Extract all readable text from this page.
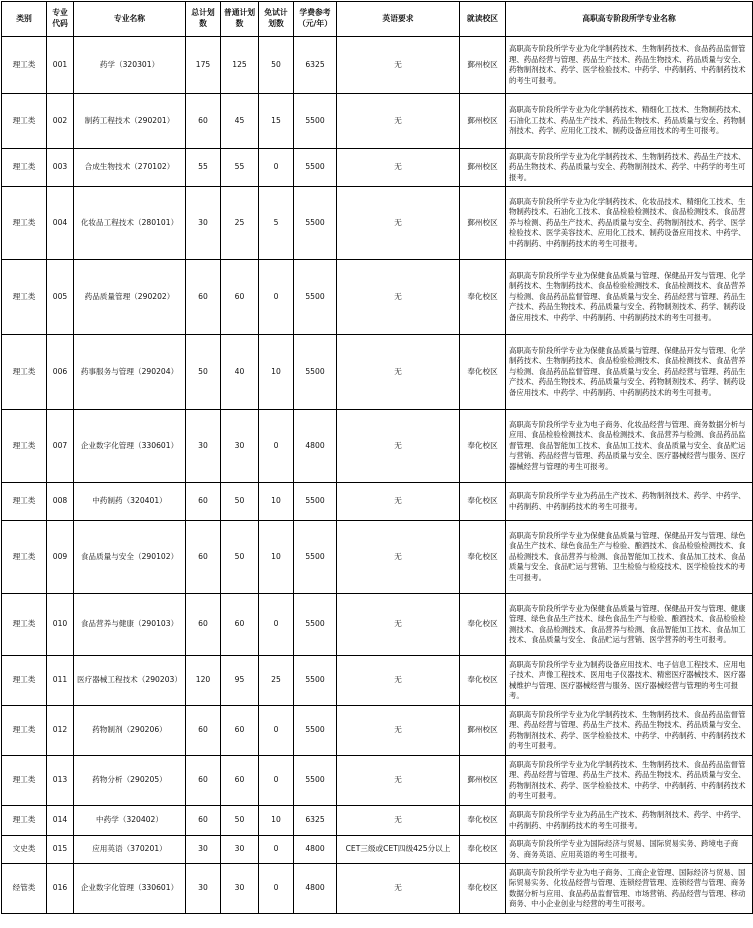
类别	专业代码	专业名称	总计划数	普通计划数	免试计划数	学费参考（元/年）	英语要求	就读校区	高职高专阶段所学专业名称
理工类	001	药学（320301）	175	125	50	6325	无	鄞州校区	高职高专阶段所学专业为化学制药技术、生物制药技术、食品药品监督管理、药品经营与管理、药品生产技术、药品生物技术、药品质量与安全、药物制剂技术、药学、医学检验技术、中药学、中药制药、中药制药技术的考生可报考。
理工类	002	制药工程技术（290201）	60	45	15	5500	无	鄞州校区	高职高专阶段所学专业为化学制药技术、精细化工技术、生物制药技术、石油化工技术、药品生产技术、药品生物技术、药品质量与安全、药物制剂技术、药学、应用化工技术、制药设备应用技术的考生可报考。
理工类	003	合成生物技术（270102）	55	55	0	5500	无	鄞州校区	高职高专阶段所学专业为化学制药技术、生物制药技术、药品生产技术、药品生物技术、药品质量与安全、药物制剂技术、药学、中药学的考生可报考。
理工类	004	化妆品工程技术（280101）	30	25	5	5500	无	鄞州校区	高职高专阶段所学专业为化学制药技术、化妆品技术、精细化工技术、生物制药技术、石油化工技术、食品检验检测技术、食品检测技术、食品营养与检测、药品生产技术、药品质量与安全、药物制剂技术、药学、医学检验技术、医学美容技术、应用化工技术、制药设备应用技术、中药学、中药制药、中药制药技术的考生可报考。
理工类	005	药品质量管理（290202）	60	60	0	5500	无	奉化校区	高职高专阶段所学专业为保健食品质量与管理、保健品开发与管理、化学制药技术、生物制药技术、食品检验检测技术、食品检测技术、食品营养与检测、食品药品监督管理、食品质量与安全、药品经营与管理、药品生产技术、药品生物技术、药品质量与安全、药物制剂技术、药学、制药设备应用技术、中药学、中药制药、中药制药技术的考生可报考。
理工类	006	药事服务与管理（290204）	50	40	10	5500	无	奉化校区	高职高专阶段所学专业为保健食品质量与管理、保健品开发与管理、化学制药技术、生物制药技术、食品检验检测技术、食品检测技术、食品营养与检测、食品药品监督管理、食品质量与安全、药品经营与管理、药品生产技术、药品生物技术、药品质量与安全、药物制剂技术、药学、制药设备应用技术、中药学、中药制药、中药制药技术的考生可报考。
理工类	007	企业数字化管理（330601）	30	30	0	4800	无	奉化校区	高职高专阶段所学专业为电子商务、化妆品经营与管理、商务数据分析与应用、食品检验检测技术、食品检测技术、食品营养与检测、食品药品监督管理、食品智能加工技术、食品加工技术、食品质量与安全、食品贮运与营销、药品经营与管理、药品质量与安全、医疗器械经营与服务、医疗器械经营与管理的考生可报考。
理工类	008	中药制药（320401）	60	50	10	5500	无	奉化校区	高职高专阶段所学专业为药品生产技术、药物制剂技术、药学、中药学、中药制药、中药制药技术的考生可报考。
理工类	009	食品质量与安全（290102）	60	50	10	5500	无	奉化校区	高职高专阶段所学专业为保健食品质量与管理、保健品开发与管理、绿色食品生产技术、绿色食品生产与检验、酿酒技术、食品检验检测技术、食品检测技术、食品营养与检测、食品智能加工技术、食品加工技术、食品质量与安全、食品贮运与营销、卫生检验与检疫技术、医学检验技术的考生可报考。
理工类	010	食品营养与健康（290103）	60	60	0	5500	无	奉化校区	高职高专阶段所学专业为保健食品质量与管理、保健品开发与管理、健康管理、绿色食品生产技术、绿色食品生产与检验、酿酒技术、食品检验检测技术、食品检测技术、食品营养与检测、食品智能加工技术、食品加工技术、食品质量与安全、食品贮运与营销、医学营养的考生可报考。
理工类	011	医疗器械工程技术（290203）	120	95	25	5500	无	奉化校区	高职高专阶段所学专业为制药设备应用技术、电子信息工程技术、应用电子技术、声像工程技术、医用电子仪器技术、精密医疗器械技术、医疗器械维护与管理、医疗器械经营与服务、医疗器械经营与管理的考生可报考。
理工类	012	药物制剂（290206）	60	60	0	5500	无	鄞州校区	高职高专阶段所学专业为化学制药技术、生物制药技术、食品药品监督管理、药品经营与管理、药品生产技术、药品生物技术、药品质量与安全、药物制剂技术、药学、医学检验技术、中药学、中药制药、中药制药技术的考生可报考。
理工类	013	药物分析（290205）	60	60	0	5500	无	鄞州校区	高职高专阶段所学专业为化学制药技术、生物制药技术、食品药品监督管理、药品经营与管理、药品生产技术、药品生物技术、药品质量与安全、药物制剂技术、药学、医学检验技术、中药学、中药制药、中药制药技术的考生可报考。
理工类	014	中药学（320402）	60	50	10	6325	无	奉化校区	高职高专阶段所学专业为药品生产技术、药物制剂技术、药学、中药学、中药制药、中药制药技术的考生可报考。
文史类	015	应用英语（370201）	30	30	0	4800	CET三级或CET四级425分以上	奉化校区	高职高专阶段所学专业为国际经济与贸易、国际贸易实务、跨境电子商务、商务英语、应用英语的考生可报考。
经管类	016	企业数字化管理（330601）	30	30	0	4800	无	奉化校区	高职高专阶段所学专业为电子商务、工商企业管理、国际经济与贸易、国际贸易实务、化妆品经营与管理、连锁经营管理、连锁经营与管理、商务数据分析与应用、食品药品监督管理、市场营销、药品经营与管理、移动商务、中小企业创业与经营的考生可报考。
